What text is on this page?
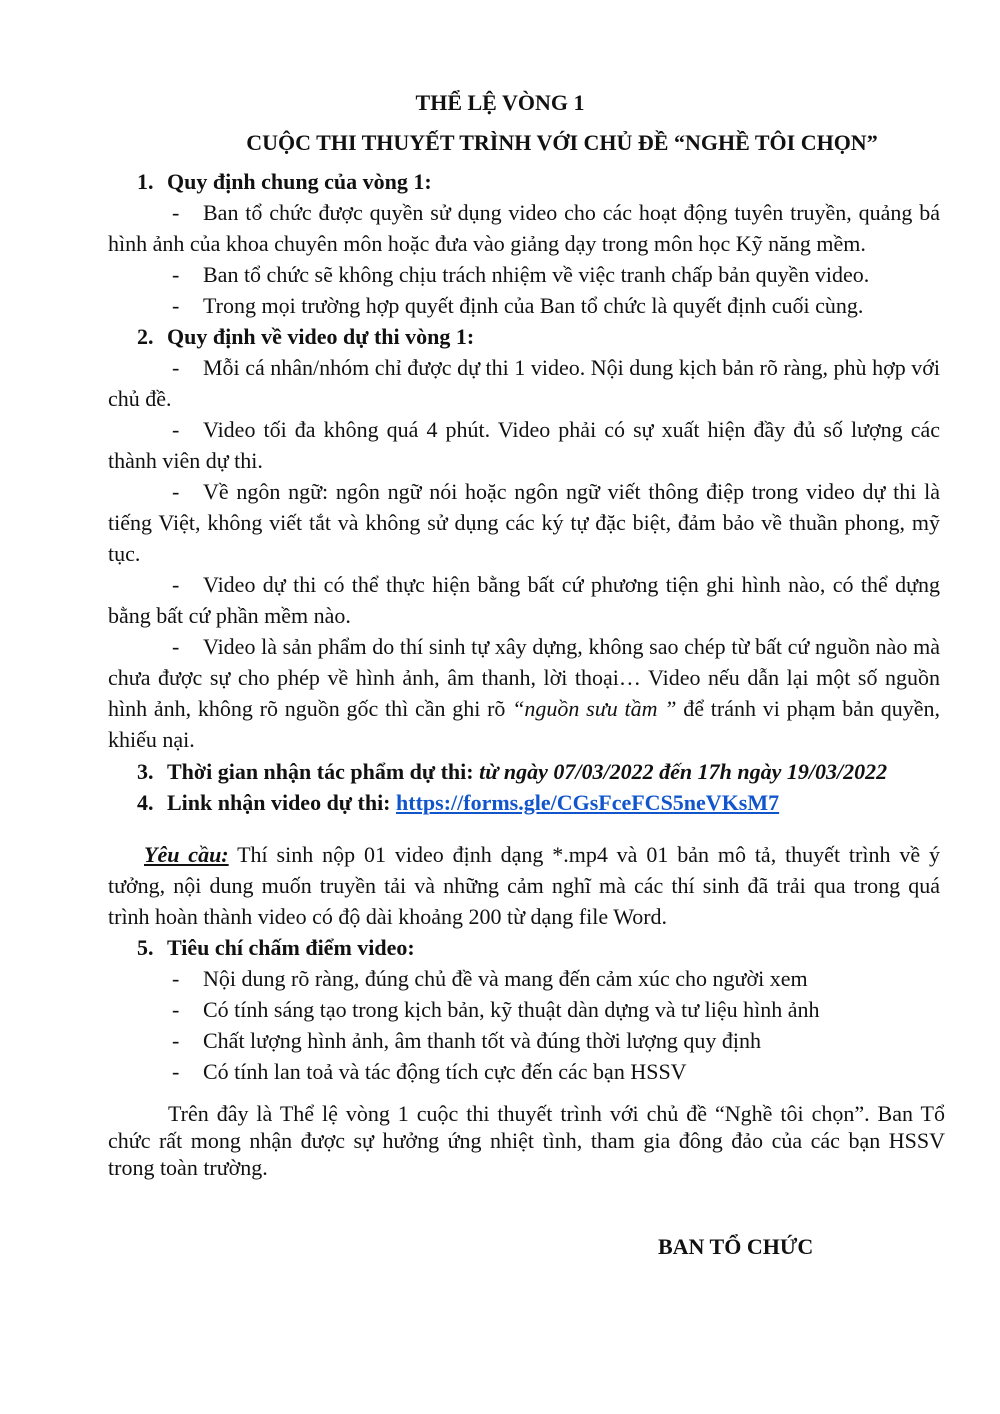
THỂ LỆ VÒNG 1
CUỘC THI THUYẾT TRÌNH VỚI CHỦ ĐỀ “NGHỀ TÔI CHỌN”
1. Quy định chung của vòng 1:
- Ban tổ chức được quyền sử dụng video cho các hoạt động tuyên truyền, quảng bá hình ảnh của khoa chuyên môn hoặc đưa vào giảng dạy trong môn học Kỹ năng mềm.
- Ban tổ chức sẽ không chịu trách nhiệm về việc tranh chấp bản quyền video.
- Trong mọi trường hợp quyết định của Ban tổ chức là quyết định cuối cùng.
2. Quy định về video dự thi vòng 1:
- Mỗi cá nhân/nhóm chỉ được dự thi 1 video. Nội dung kịch bản rõ ràng, phù hợp với chủ đề.
- Video tối đa không quá 4 phút. Video phải có sự xuất hiện đầy đủ số lượng các thành viên dự thi.
- Về ngôn ngữ: ngôn ngữ nói hoặc ngôn ngữ viết thông điệp trong video dự thi là tiếng Việt, không viết tắt và không sử dụng các ký tự đặc biệt, đảm bảo về thuần phong, mỹ tục.
- Video dự thi có thể thực hiện bằng bất cứ phương tiện ghi hình nào, có thể dựng bằng bất cứ phần mềm nào.
- Video là sản phẩm do thí sinh tự xây dựng, không sao chép từ bất cứ nguồn nào mà chưa được sự cho phép về hình ảnh, âm thanh, lời thoại… Video nếu dẫn lại một số nguồn hình ảnh, không rõ nguồn gốc thì cần ghi rõ “nguồn sưu tầm ” để tránh vi phạm bản quyền, khiếu nại.
3. Thời gian nhận tác phẩm dự thi: từ ngày 07/03/2022 đến 17h ngày 19/03/2022
4. Link nhận video dự thi: https://forms.gle/CGsFceFCS5neVKsM7
Yêu cầu: Thí sinh nộp 01 video định dạng *.mp4 và 01 bản mô tả, thuyết trình về ý tưởng, nội dung muốn truyền tải và những cảm nghĩ mà các thí sinh đã trải qua trong quá trình hoàn thành video có độ dài khoảng 200 từ dạng file Word.
5. Tiêu chí chấm điểm video:
- Nội dung rõ ràng, đúng chủ đề và mang đến cảm xúc cho người xem
- Có tính sáng tạo trong kịch bản, kỹ thuật dàn dựng và tư liệu hình ảnh
- Chất lượng hình ảnh, âm thanh tốt và đúng thời lượng quy định
- Có tính lan toả và tác động tích cực đến các bạn HSSV
Trên đây là Thể lệ vòng 1 cuộc thi thuyết trình với chủ đề “Nghề tôi chọn”. Ban Tổ chức rất mong nhận được sự hưởng ứng nhiệt tình, tham gia đông đảo của các bạn HSSV trong toàn trường.
BAN TỔ CHỨC
